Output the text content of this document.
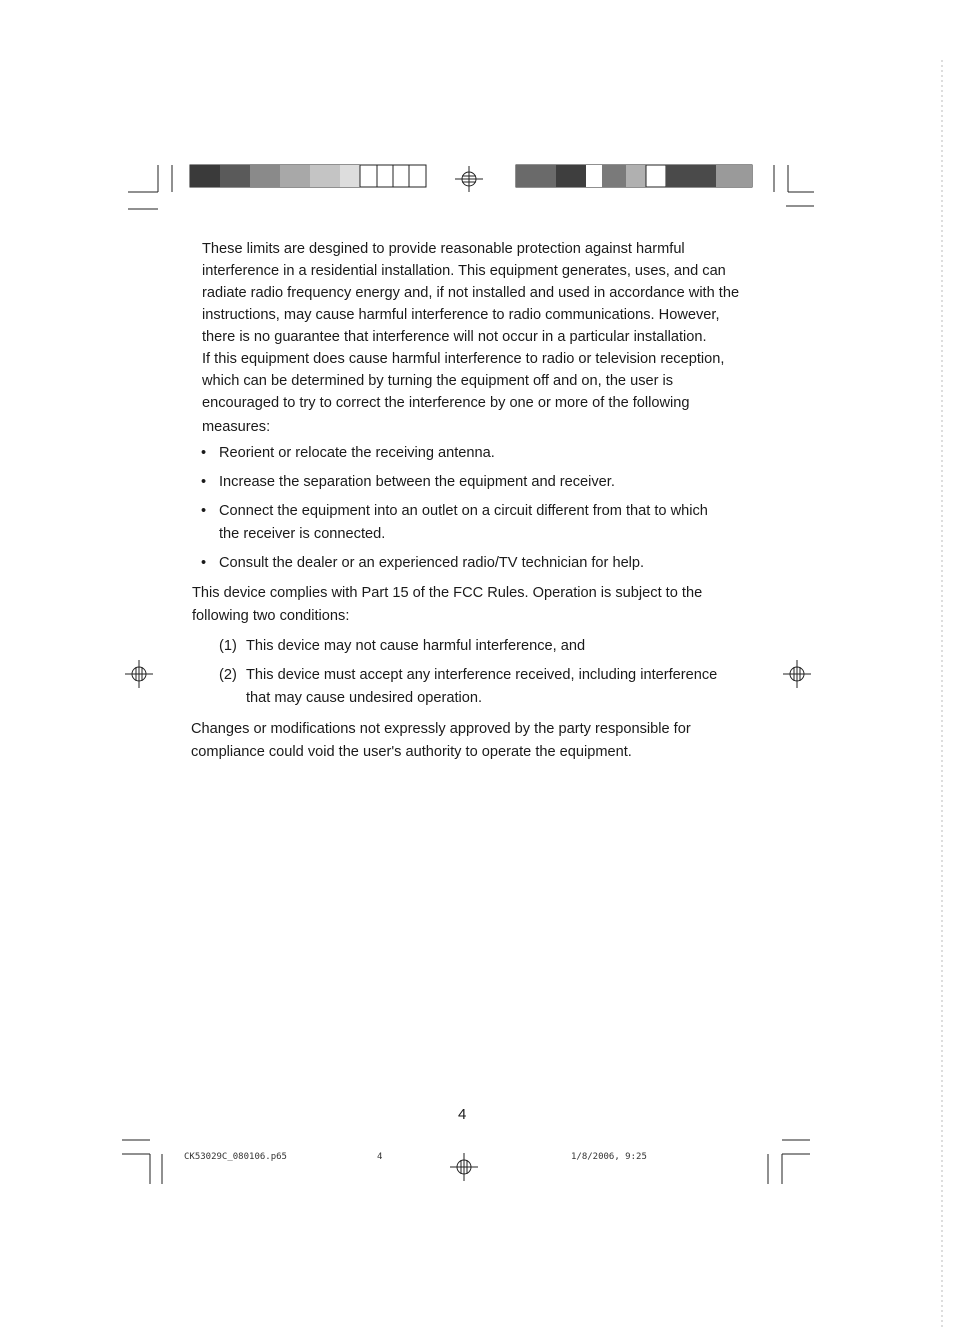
These limits are desgined to provide reasonable protection against harmful
interference in a residential installation. This equipment generates, uses, and can
radiate radio frequency energy and, if not installed and used in accordance with the
instructions, may cause harmful interference to radio communications. However,
there is no guarantee that interference will not occur in a particular installation.
If this equipment does cause harmful interference to radio or television reception,
which can be determined by turning the equipment off and on, the user is
encouraged to try to correct the interference by one or more of the following
measures:
• Reorient or relocate the receiving antenna.
• Increase the separation between the equipment and receiver.
• Connect the equipment into an outlet on a circuit different from that to which
the receiver is connected.
• Consult the dealer or an experienced radio/TV technician for help.
This device complies with Part 15 of the FCC Rules. Operation is subject to the
following two conditions:
(1) This device may not cause harmful interference, and
(2) This device must accept any interference received, including interference
that may cause undesired operation.
Changes or modifications not expressly approved by the party responsible for
compliance could void the user's authority to operate the equipment.
4
CK53029C_080106.p65	4	1/8/2006, 9:25
